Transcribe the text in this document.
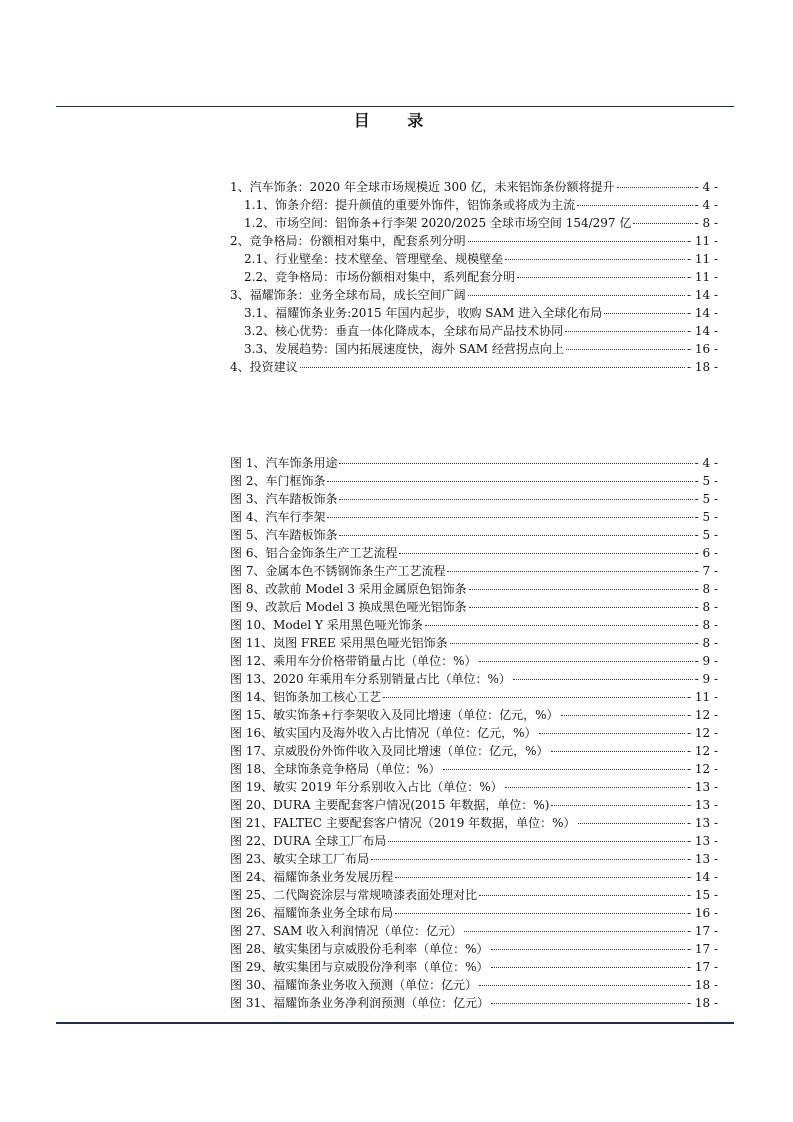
目 录
1、汽车饰条：2020 年全球市场规模近 300 亿，未来铝饰条份额将提升	- 4 -
1.1、饰条介绍：提升颜值的重要外饰件，铝饰条或将成为主流	- 4 -
1.2、市场空间：铝饰条+行李架 2020/2025 全球市场空间 154/297 亿	- 8 -
2、竞争格局：份额相对集中，配套系列分明	- 11 -
2.1、行业壁垒：技术壁垒、管理壁垒、规模壁垒	- 11 -
2.2、竞争格局：市场份额相对集中，系列配套分明	- 11 -
3、福耀饰条：业务全球布局，成长空间广阔	- 14 -
3.1、福耀饰条业务:2015 年国内起步，收购 SAM 进入全球化布局	- 14 -
3.2、核心优势：垂直一体化降成本，全球布局产品技术协同	- 14 -
3.3、发展趋势：国内拓展速度快，海外 SAM 经营拐点向上	- 16 -
4、投资建议	- 18 -
图 1、汽车饰条用途	- 4 -
图 2、车门框饰条	- 5 -
图 3、汽车踏板饰条	- 5 -
图 4、汽车行李架	- 5 -
图 5、汽车踏板饰条	- 5 -
图 6、铝合金饰条生产工艺流程	- 6 -
图 7、金属本色不锈钢饰条生产工艺流程	- 7 -
图 8、改款前 Model 3 采用金属原色铝饰条	- 8 -
图 9、改款后 Model 3 换成黑色哑光铝饰条	- 8 -
图 10、Model Y 采用黑色哑光饰条	- 8 -
图 11、岚图 FREE 采用黑色哑光铝饰条	- 8 -
图 12、乘用车分价格带销量占比（单位：%）	- 9 -
图 13、2020 年乘用车分系别销量占比（单位：%）	- 9 -
图 14、铝饰条加工核心工艺	- 11 -
图 15、敏实饰条+行李架收入及同比增速（单位：亿元，%）	- 12 -
图 16、敏实国内及海外收入占比情况（单位：亿元，%）	- 12 -
图 17、京威股份外饰件收入及同比增速（单位：亿元，%）	- 12 -
图 18、全球饰条竞争格局（单位：%）	- 12 -
图 19、敏实 2019 年分系别收入占比（单位：%）	- 13 -
图 20、DURA 主要配套客户情况(2015 年数据，单位：%)	- 13 -
图 21、FALTEC 主要配套客户情况（2019 年数据，单位：%）	- 13 -
图 22、DURA 全球工厂布局	- 13 -
图 23、敏实全球工厂布局	- 13 -
图 24、福耀饰条业务发展历程	- 14 -
图 25、二代陶瓷涂层与常规喷漆表面处理对比	- 15 -
图 26、福耀饰条业务全球布局	- 16 -
图 27、SAM 收入利润情况（单位：亿元）	- 17 -
图 28、敏实集团与京威股份毛利率（单位：%）	- 17 -
图 29、敏实集团与京威股份净利率（单位：%）	- 17 -
图 30、福耀饰条业务收入预测（单位：亿元）	- 18 -
图 31、福耀饰条业务净利润预测（单位：亿元）	- 18 -
